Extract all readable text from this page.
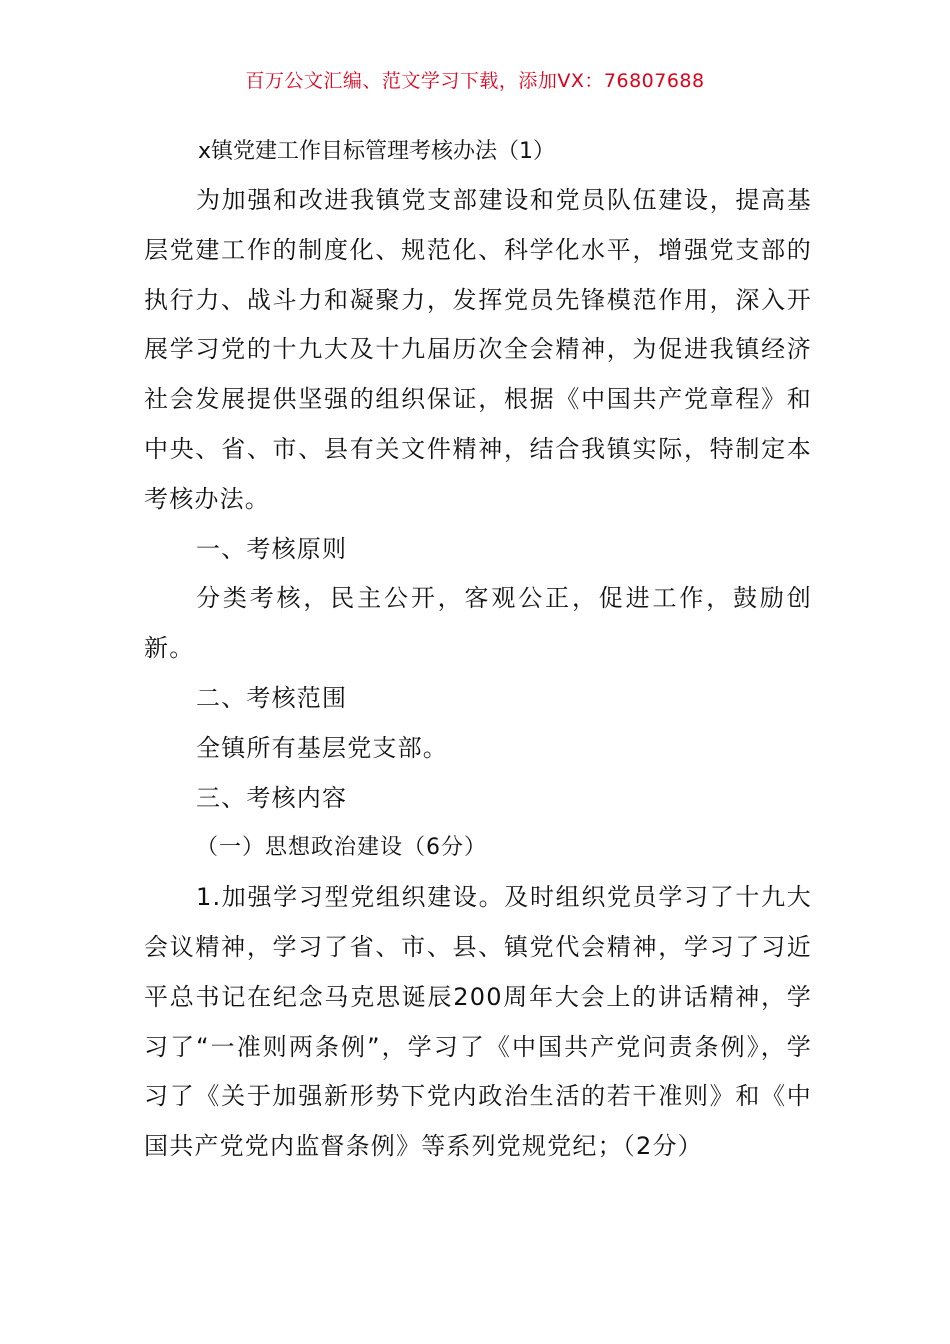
百万公文汇编、范文学习下载，添加VX：76807688
x镇党建工作目标管理考核办法（1）

为加强和改进我镇党支部建设和党员队伍建设，提高基层党建工作的制度化、规范化、科学化水平，增强党支部的执行力、战斗力和凝聚力，发挥党员先锋模范作用，深入开展学习党的十九大及十九届历次全会精神，为促进我镇经济社会发展提供坚强的组织保证，根据《中国共产党章程》和中央、省、市、县有关文件精神，结合我镇实际，特制定本考核办法。

一、考核原则

分类考核，民主公开，客观公正，促进工作，鼓励创新。

二、考核范围

全镇所有基层党支部。

三、考核内容

（一）思想政治建设（6分）

1.加强学习型党组织建设。及时组织党员学习了十九大会议精神，学习了省、市、县、镇党代会精神，学习了习近平总书记在纪念马克思诞辰200周年大会上的讲话精神，学习了“一准则两条例”，学习了《中国共产党问责条例》，学习了《关于加强新形势下党内政治生活的若干准则》和《中国共产党党内监督条例》等系列党规党纪；（2分）
